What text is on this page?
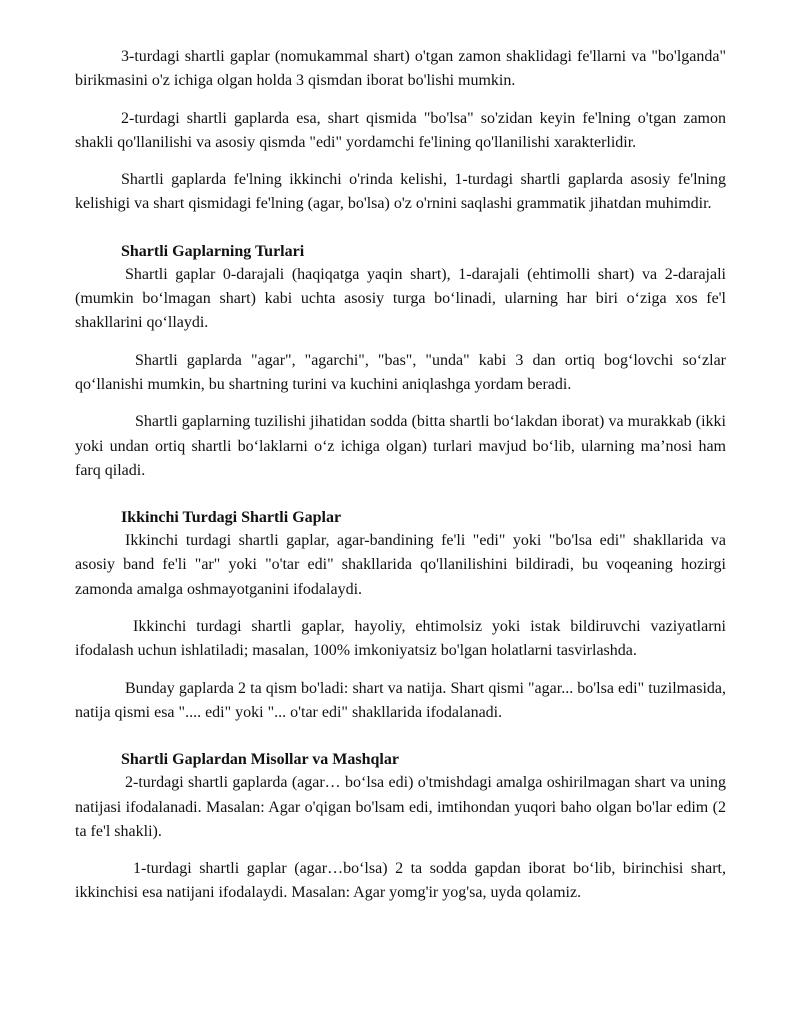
3-turdagi shartli gaplar (nomukammal shart) o'tgan zamon shaklidagi fe'llarni va "bo'lganda" birikmasini o'z ichiga olgan holda 3 qismdan iborat bo'lishi mumkin.

2-turdagi shartli gaplarda esa, shart qismida "bo'lsa" so'zidan keyin fe'lning o'tgan zamon shakli qo'llanilishi va asosiy qismda "edi" yordamchi fe'lining qo'llanilishi xarakterlidir.

Shartli gaplarda fe'lning ikkinchi o'rinda kelishi, 1-turdagi shartli gaplarda asosiy fe'lning kelishigi va shart qismidagi fe'lning (agar, bo'lsa) o'z o'rnini saqlashi grammatik jihatdan muhimdir.

Shartli Gaplarning Turlari

Shartli gaplar 0-darajali (haqiqatga yaqin shart), 1-darajali (ehtimolli shart) va 2-darajali (mumkin bo‘lmagan shart) kabi uchta asosiy turga bo‘linadi, ularning har biri o‘ziga xos fe'l shakllarini qo‘llaydi.

Shartli gaplarda "agar", "agarchi", "bas", "unda" kabi 3 dan ortiq bog‘lovchi so‘zlar qo‘llanishi mumkin, bu shartning turini va kuchini aniqlashga yordam beradi.

Shartli gaplarning tuzilishi jihatidan sodda (bitta shartli bo‘lakdan iborat) va murakkab (ikki yoki undan ortiq shartli bo‘laklarni o‘z ichiga olgan) turlari mavjud bo‘lib, ularning ma’nosi ham farq qiladi.

Ikkinchi Turdagi Shartli Gaplar

Ikkinchi turdagi shartli gaplar, agar-bandining fe'li "edi" yoki "bo'lsa edi" shakllarida va asosiy band fe'li "ar" yoki "o'tar edi" shakllarida qo'llanilishini bildiradi, bu voqeaning hozirgi zamonda amalga oshmayotganini ifodalaydi.

Ikkinchi turdagi shartli gaplar, hayoliy, ehtimolsiz yoki istak bildiruvchi vaziyatlarni ifodalash uchun ishlatiladi; masalan, 100% imkoniyatsiz bo'lgan holatlarni tasvirlashda.

Bunday gaplarda 2 ta qism bo'ladi: shart va natija. Shart qismi "agar... bo'lsa edi" tuzilmasida, natija qismi esa ".... edi" yoki "... o'tar edi" shakllarida ifodalanadi.

Shartli Gaplardan Misollar va Mashqlar

2-turdagi shartli gaplarda (agar… bo‘lsa edi) o'tmishdagi amalga oshirilmagan shart va uning natijasi ifodalanadi. Masalan: Agar o'qigan bo'lsam edi, imtihondan yuqori baho olgan bo'lar edim (2 ta fe'l shakli).

1-turdagi shartli gaplar (agar…bo‘lsa) 2 ta sodda gapdan iborat bo‘lib, birinchisi shart, ikkinchisi esa natijani ifodalaydi. Masalan: Agar yomg'ir yog'sa, uyda qolamiz.
